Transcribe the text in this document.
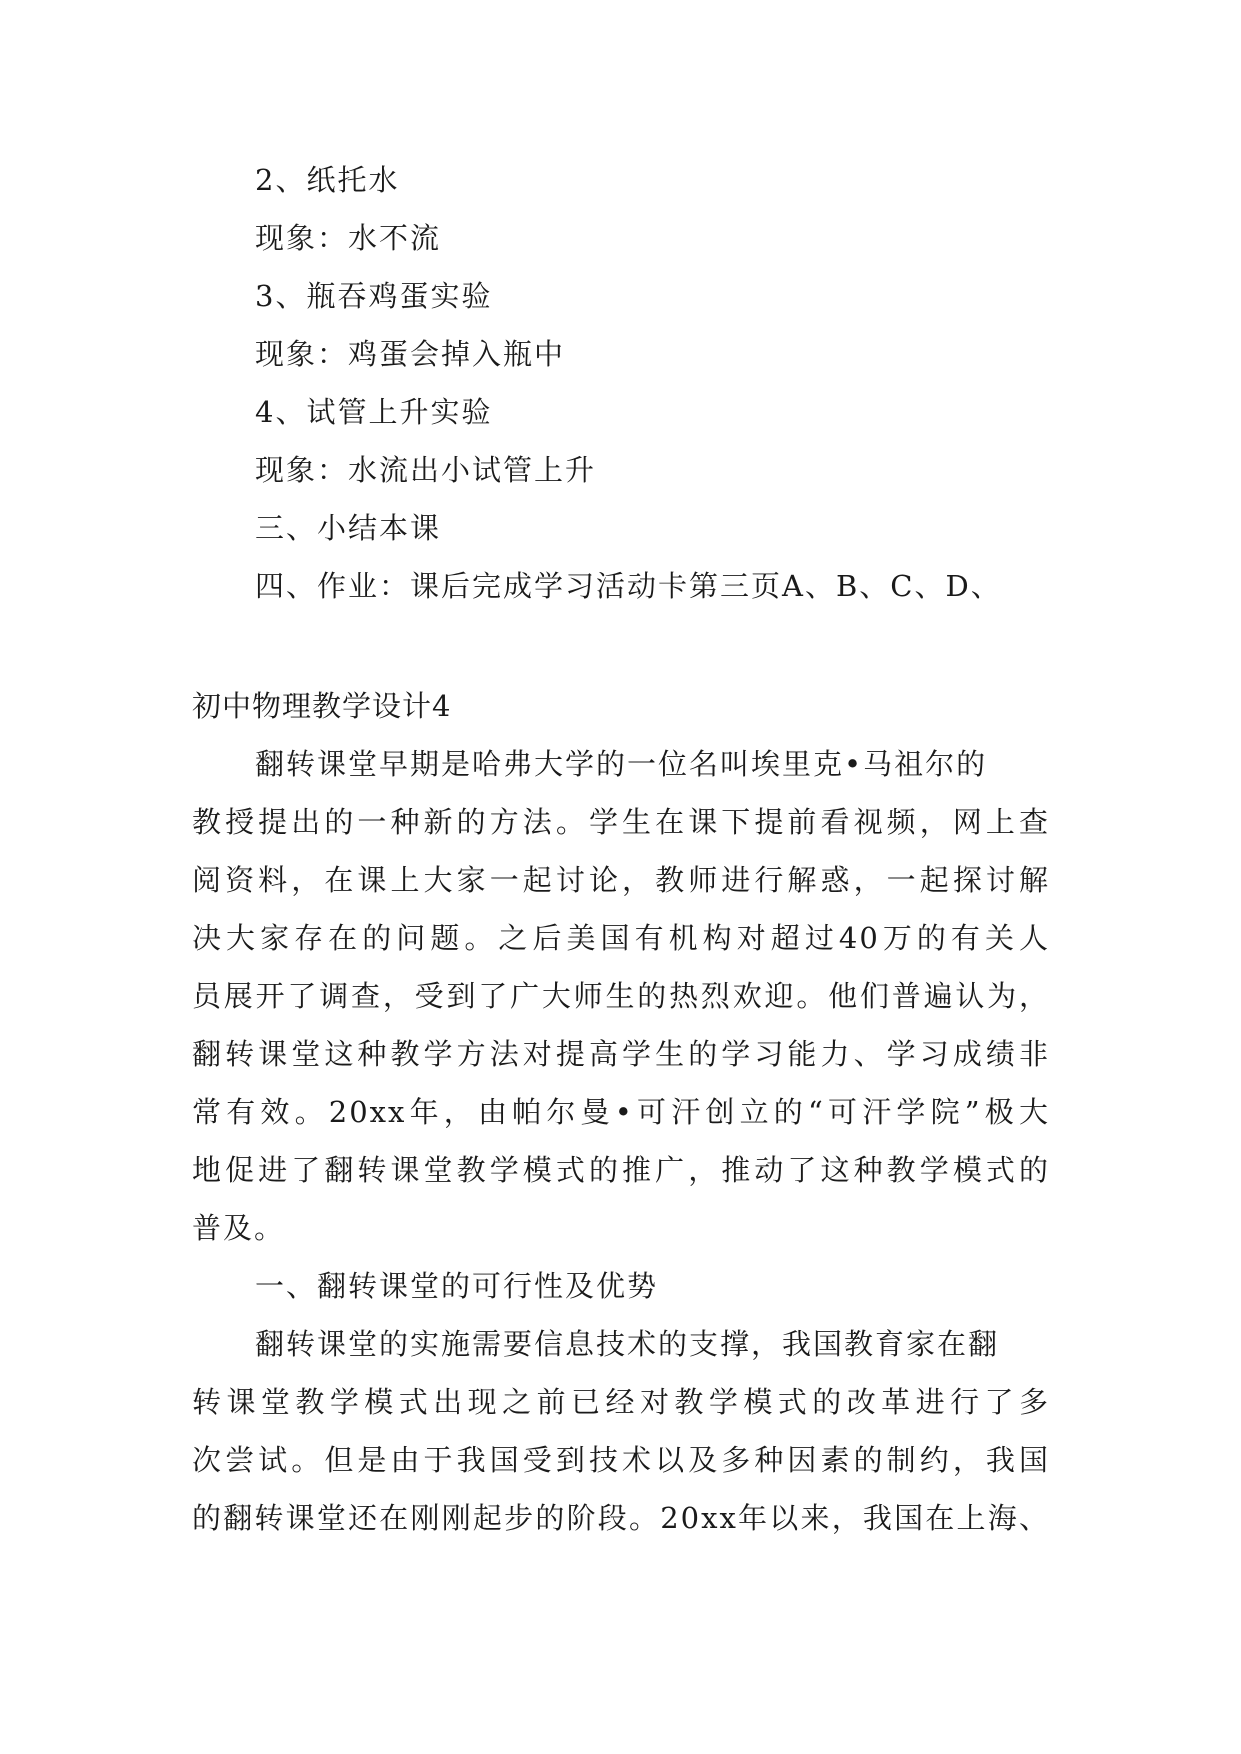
2、纸托水
现象：水不流
3、瓶吞鸡蛋实验
现象：鸡蛋会掉入瓶中
4、试管上升实验
现象：水流出小试管上升
三、小结本课
四、作业：课后完成学习活动卡第三页A、B、C、D、
初中物理教学设计4
翻转课堂早期是哈弗大学的一位名叫埃里克•马祖尔的
教授提出的一种新的方法。学生在课下提前看视频，网上查
阅资料，在课上大家一起讨论，教师进行解惑，一起探讨解
决大家存在的问题。之后美国有机构对超过40万的有关人
员展开了调查，受到了广大师生的热烈欢迎。他们普遍认为，
翻转课堂这种教学方法对提高学生的学习能力、学习成绩非
常有效。20xx年，由帕尔曼•可汗创立的“可汗学院”极大
地促进了翻转课堂教学模式的推广，推动了这种教学模式的
普及。
一、翻转课堂的可行性及优势
翻转课堂的实施需要信息技术的支撑，我国教育家在翻
转课堂教学模式出现之前已经对教学模式的改革进行了多
次尝试。但是由于我国受到技术以及多种因素的制约，我国
的翻转课堂还在刚刚起步的阶段。20xx年以来，我国在上海、
